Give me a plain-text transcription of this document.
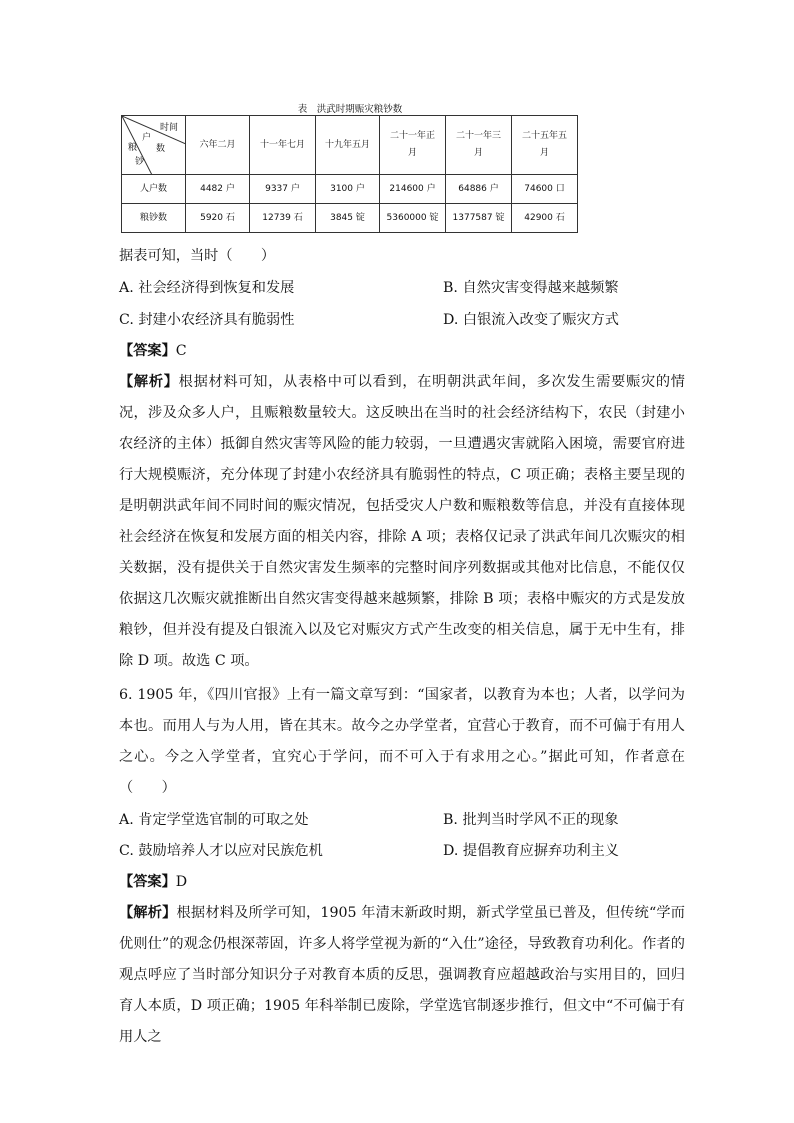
表　洪武时期赈灾粮钞数
时间
户
数
粮
钞	六年二月	十一年七月	十九年五月	二十一年正月	二十一年三月	二十五年五月

人户数	4482 户	9337 户	3100 户	214600 户	64886 户	74600 口
粮钞数	5920 石	12739 石	3845 锭	5360000 锭	1377587 锭	42900 石
据表可知，当时（　　）
A. 社会经济得到恢复和发展	B. 自然灾害变得越来越频繁
C. 封建小农经济具有脆弱性	D. 白银流入改变了赈灾方式
【答案】C
【解析】根据材料可知，从表格中可以看到，在明朝洪武年间，多次发生需要赈灾的情况，涉及众多人户，且赈粮数量较大。这反映出在当时的社会经济结构下，农民（封建小农经济的主体）抵御自然灾害等风险的能力较弱，一旦遭遇灾害就陷入困境，需要官府进行大规模赈济，充分体现了封建小农经济具有脆弱性的特点，C 项正确；表格主要呈现的是明朝洪武年间不同时间的赈灾情况，包括受灾人户数和赈粮数等信息，并没有直接体现社会经济在恢复和发展方面的相关内容，排除 A 项；表格仅记录了洪武年间几次赈灾的相关数据，没有提供关于自然灾害发生频率的完整时间序列数据或其他对比信息，不能仅仅依据这几次赈灾就推断出自然灾害变得越来越频繁，排除 B 项；表格中赈灾的方式是发放粮钞，但并没有提及白银流入以及它对赈灾方式产生改变的相关信息，属于无中生有，排除 D 项。故选 C 项。
6. 1905 年，《四川官报》上有一篇文章写到：“国家者，以教育为本也；人者，以学问为本也。而用人与为人用，皆在其末。故今之办学堂者，宜营心于教育，而不可偏于有用人之心。今之入学堂者，宜究心于学问，而不可入于有求用之心。”据此可知，作者意在（　　）
A. 肯定学堂选官制的可取之处	B. 批判当时学风不正的现象
C. 鼓励培养人才以应对民族危机	D. 提倡教育应摒弃功利主义
【答案】D
【解析】根据材料及所学可知，1905 年清末新政时期，新式学堂虽已普及，但传统“学而优则仕”的观念仍根深蒂固，许多人将学堂视为新的“入仕”途径，导致教育功利化。作者的观点呼应了当时部分知识分子对教育本质的反思，强调教育应超越政治与实用目的，回归育人本质，D 项正确；1905 年科举制已废除，学堂选官制逐步推行，但文中“不可偏于有用人之
